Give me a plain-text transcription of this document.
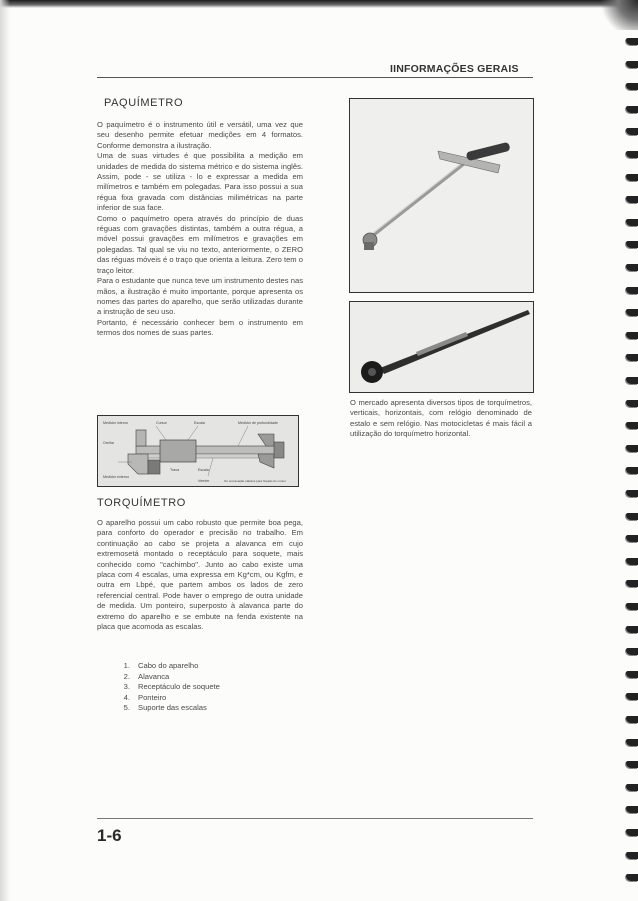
IINFORMAÇÕES GERAIS
PAQUÍMETRO

O paquímetro é o instrumento útil e versátil, uma vez que seu desenho permite efetuar medições em 4 formatos. Conforme demonstra a ilustração.

Uma de suas virtudes é que possibilita a medição em unidades de medida do sistema métrico e do sistema inglês. Assim, pode - se utiliza - lo e expressar a medida em milímetros e também em polegadas. Para isso possui a sua régua fixa gravada com distâncias milimétricas na parte inferior de sua face.

Como o paquímetro opera através do princípio de duas réguas com gravações distintas, também a outra régua, a móvel possui gravações em milímetros e gravações em polegadas. Tal qual se viu no texto, anteriormente, o ZERO das réguas móveis é o traço que orienta a leitura. Zero tem o traço leitor.

Para o estudante que nunca teve um instrumento destes nas mãos, a ilustração é muito importante, porque apresenta os nomes das partes do aparelho, que serão utilizadas durante a instrução de seu uso.

Portanto, é necessário conhecer bem o instrumento em termos dos nomes de suas partes.

Medidor interno	Cursor	Escala	Medidor de profundidade
Orelha
Medidor externo
Trava	Escala
Vernier	Ou encravação elástica para fixação do cursor
TORQUÍMETRO

O aparelho possui um cabo robusto que permite boa pega, para conforto do operador e precisão no trabalho. Em continuação ao cabo se projeta a alavanca em cujo extremosetá montado o receptáculo para soquete, mais conhecido como "cachimbo". Junto ao cabo existe uma placa com 4 escalas, uma expressa em Kg*cm, ou Kgfm, e outra em Lbpé, que partem ambos os lados de zero referencial central. Pode haver o emprego de outra unidade de medida. Um ponteiro, superposto à alavanca parte do extremo do aparelho e se embute na fenda existente na placa que acomoda as escalas.

1. Cabo do aparelho
2. Alavanca
3. Receptáculo de soquete
4. Ponteiro
5. Suporte das escalas
O mercado apresenta diversos tipos de torquímetros, verticais, horizontais, com relógio denominado de estalo e sem relógio. Nas motocicletas é mais fácil a utilização do torquímetro horizontal.
1-6
